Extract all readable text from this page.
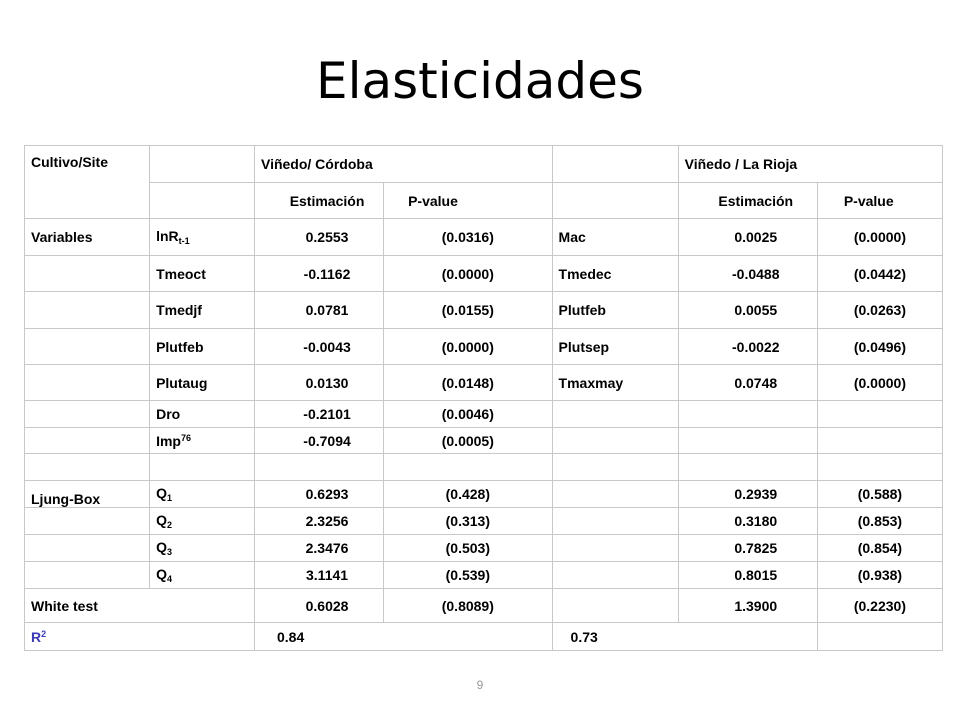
Elasticidades
Cultivo/Site		Viñedo/ Córdoba			Viñedo / La Rioja	
		Estimación	P-value		Estimación	P-value
Variables	lnR$_{t-1}$	0.2553	(0.0316)	Mac	0.0025	(0.0000)
	Tmeoct	-0.1162	(0.0000)	Tmedec	-0.0488	(0.0442)
	Tmedjf	0.0781	(0.0155)	Plutfeb	0.0055	(0.0263)
	Plutfeb	-0.0043	(0.0000)	Plutsep	-0.0022	(0.0496)
	Plutaug	0.0130	(0.0148)	Tmaxmay	0.0748	(0.0000)
	Dro	-0.2101	(0.0046)			
	Imp$^{76}$	-0.7094	(0.0005)			

Ljung-Box	$Q_1$	0.6293	(0.428)		0.2939	(0.588)
	$Q_2$	2.3256	(0.313)		0.3180	(0.853)
	$Q_3$	2.3476	(0.503)		0.7825	(0.854)
	$Q_4$	3.1141	(0.539)		0.8015	(0.938)
White test		0.6028	(0.8089)		1.3900	(0.2230)
$R^2$		0.84		0.73		
9
